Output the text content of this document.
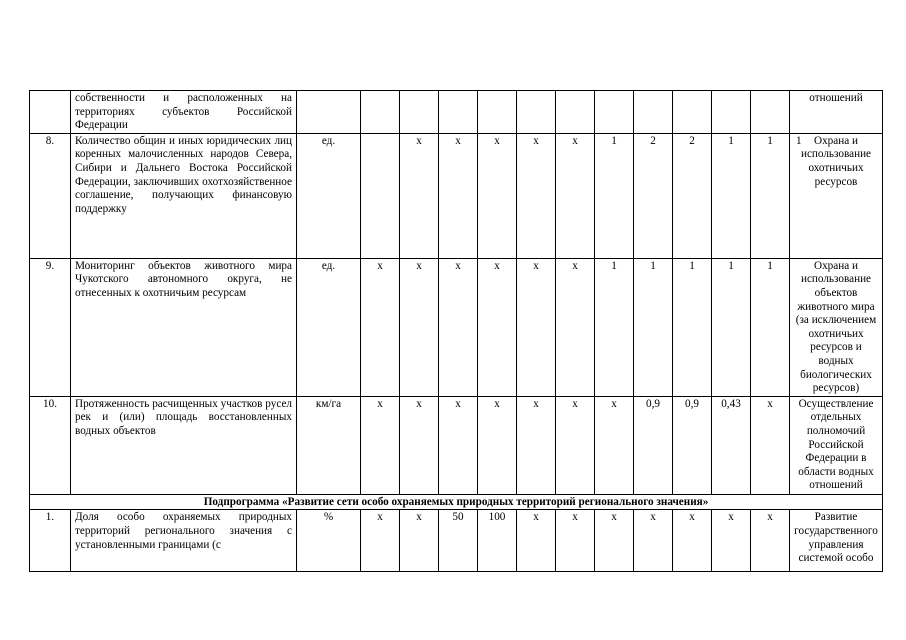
	собственности и расположенных на территориях субъектов Российской Федерации													отношений
8.	Количество общин и иных юридических лиц коренных малочисленных народов Севера, Сибири и Дальнего Востока Российской Федерации, заключивших охотхозяйственное соглашение, получающих финансовую поддержку	ед.		х	х	х	х	х	1	2	2	1	1	1 Охрана и использование охотничьих ресурсов
9.	Мониторинг объектов животного мира Чукотского автономного округа, не отнесенных к охотничьим ресурсам	ед.	х	х	х	х	х	х	1	1	1	1	1	Охрана и использование объектов животного мира (за исключением охотничьих ресурсов и водных биологических ресурсов)
10.	Протяженность расчищенных участков русел рек и (или) площадь восстановленных водных объектов	км/га	х	х	х	х	х	х	х	0,9	0,9	0,43	х	Осуществление отдельных полномочий Российской Федерации в области водных отношений
Подпрограмма «Развитие сети особо охраняемых природных территорий регионального значения»														
1.	Доля особо охраняемых природных территорий регионального значения с установленными границами (с	%	х	х	50	100	х	х	х	х	х	х	х	Развитие государственного управления системой особо
